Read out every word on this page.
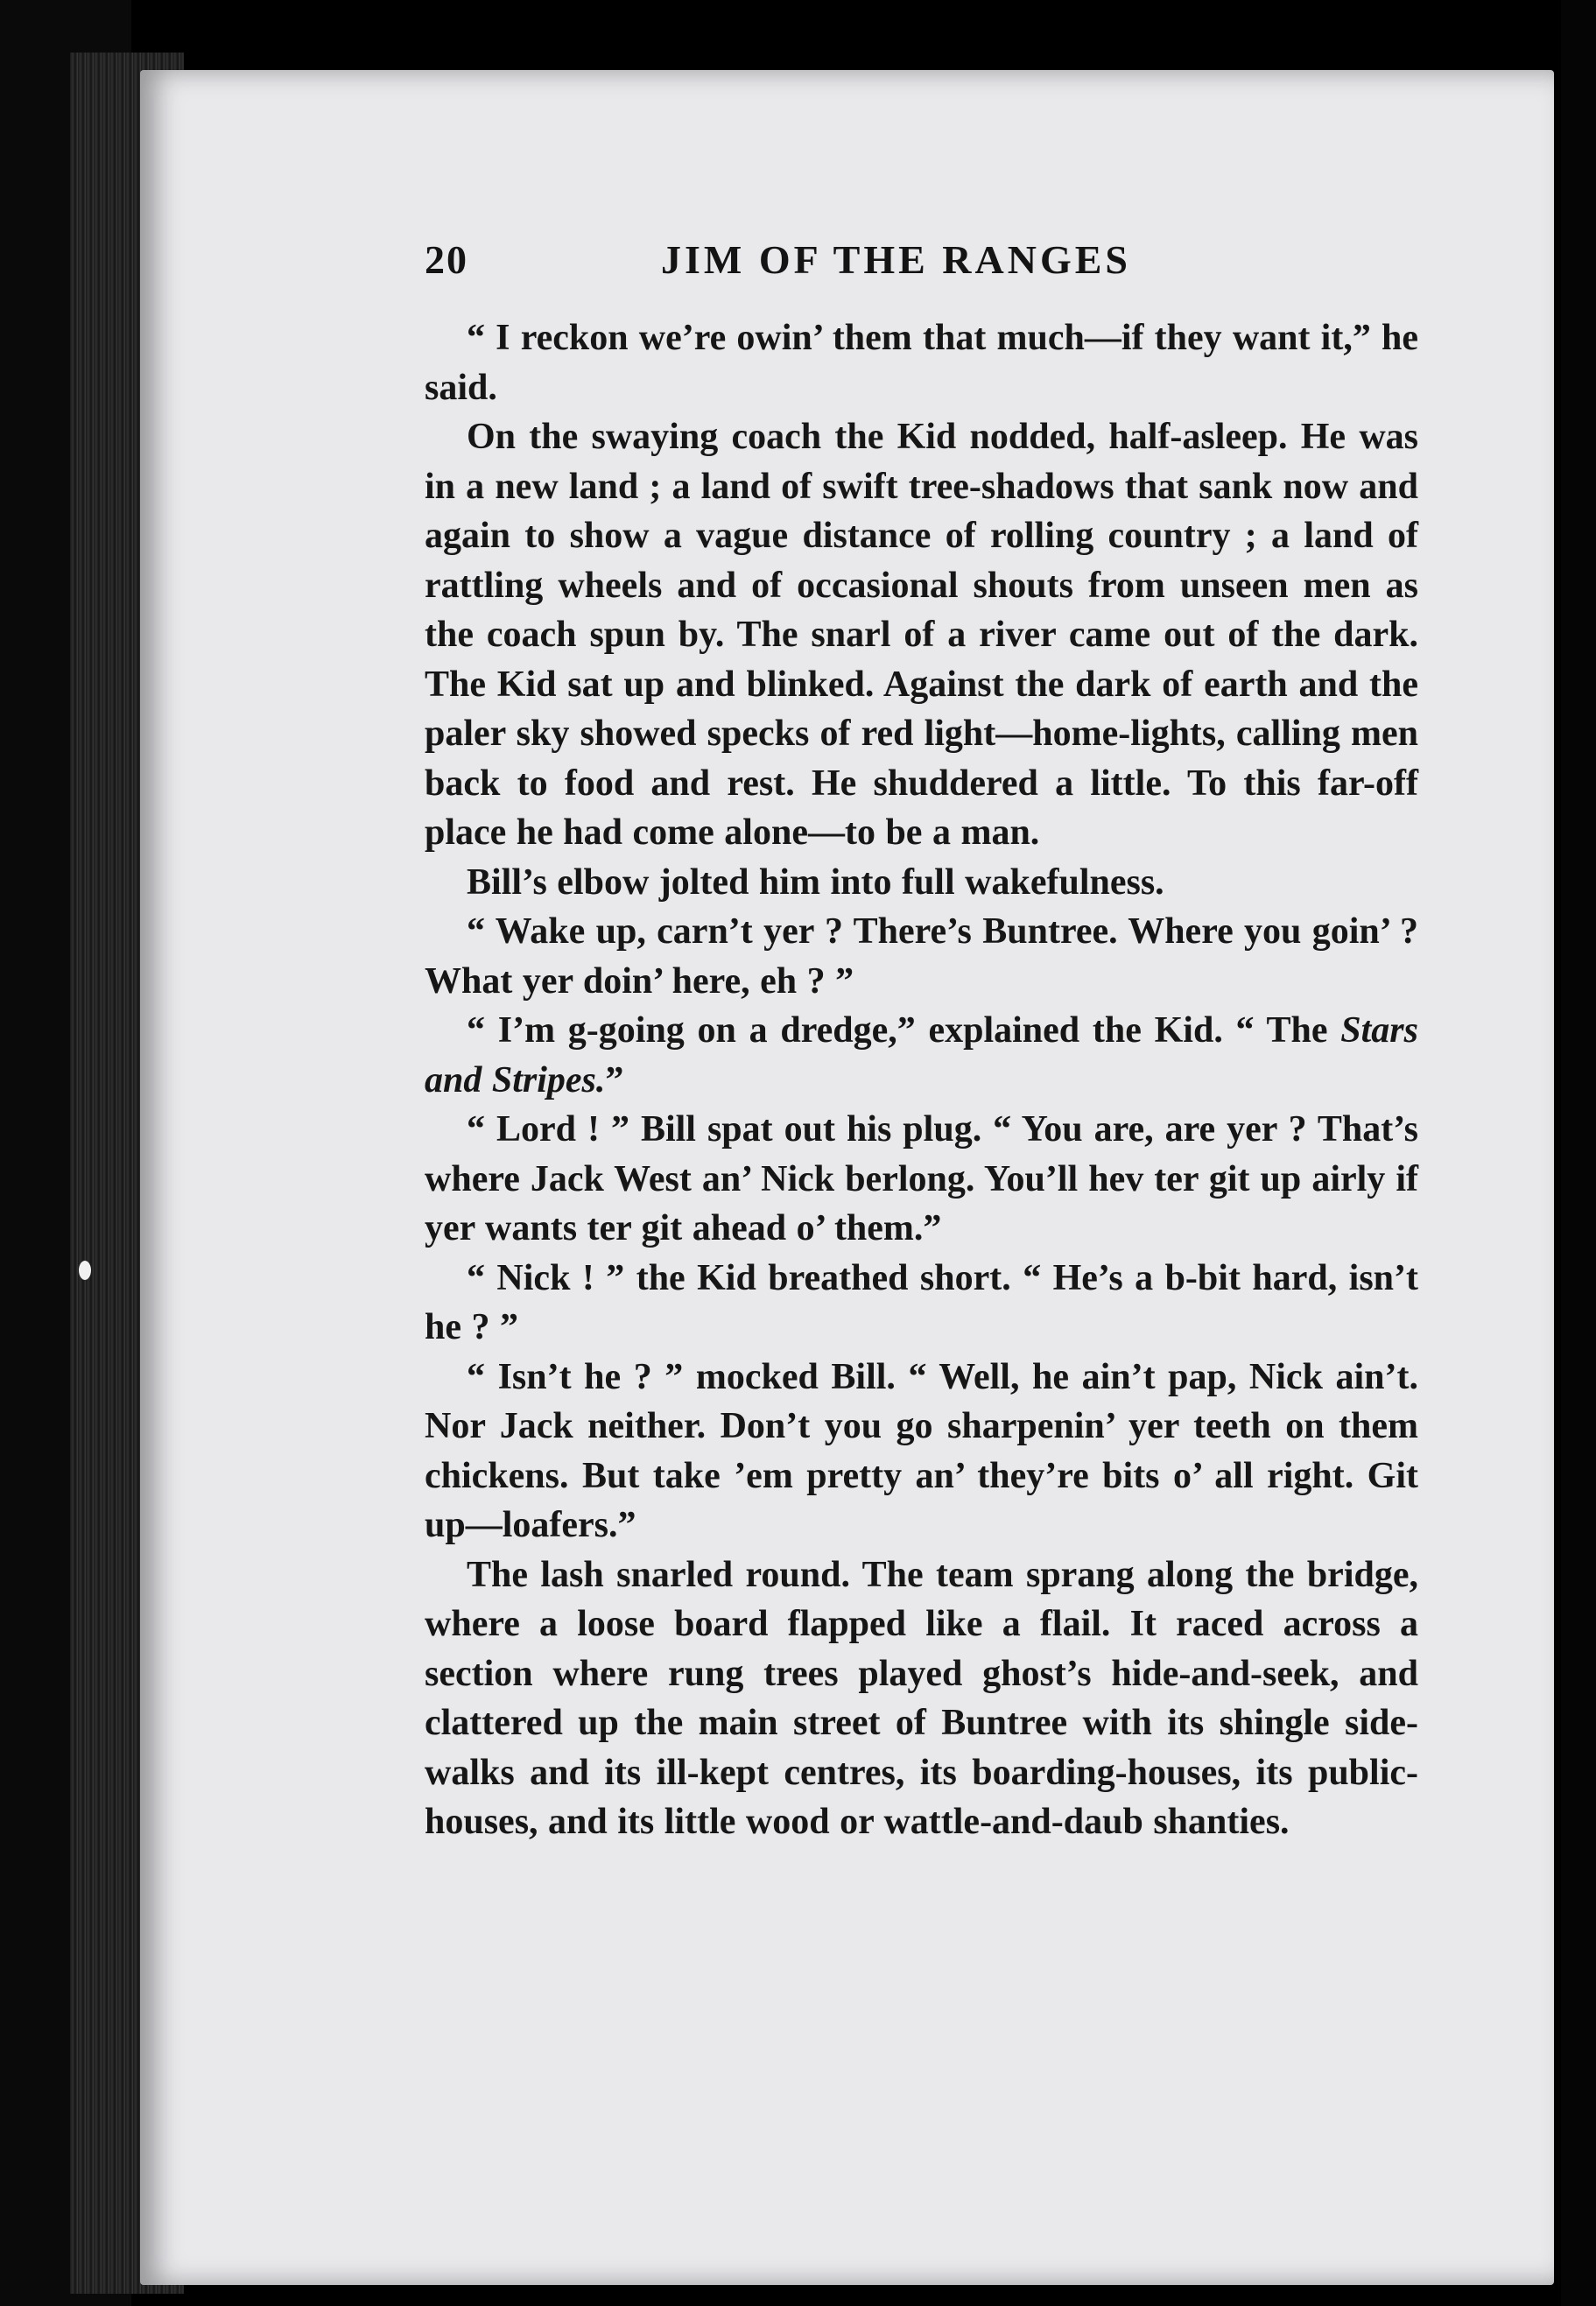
20	JIM OF THE RANGES

“ I reckon we’re owin’ them that much—if they want it,” he said.

On the swaying coach the Kid nodded, half-asleep. He was in a new land ; a land of swift tree-shadows that sank now and again to show a vague distance of rolling country ; a land of rattling wheels and of occasional shouts from unseen men as the coach spun by. The snarl of a river came out of the dark. The Kid sat up and blinked. Against the dark of earth and the paler sky showed specks of red light—home-lights, calling men back to food and rest. He shuddered a little. To this far-off place he had come alone—to be a man.

Bill’s elbow jolted him into full wakefulness.

“ Wake up, carn’t yer ? There’s Buntree. Where you goin’ ? What yer doin’ here, eh ? ”

“ I’m g-going on a dredge,” explained the Kid. “ The Stars and Stripes.”

“ Lord ! ” Bill spat out his plug. “ You are, are yer ? That’s where Jack West an’ Nick berlong. You’ll hev ter git up airly if yer wants ter git ahead o’ them.”

“ Nick ! ” the Kid breathed short. “ He’s a b-bit hard, isn’t he ? ”

“ Isn’t he ? ” mocked Bill. “ Well, he ain’t pap, Nick ain’t. Nor Jack neither. Don’t you go sharpenin’ yer teeth on them chickens. But take ’em pretty an’ they’re bits o’ all right. Git up—loafers.”

The lash snarled round. The team sprang along the bridge, where a loose board flapped like a flail. It raced across a section where rung trees played ghost’s hide-and-seek, and clattered up the main street of Buntree with its shingle side-walks and its ill-kept centres, its boarding-houses, its public-houses, and its little wood or wattle-and-daub shanties.
